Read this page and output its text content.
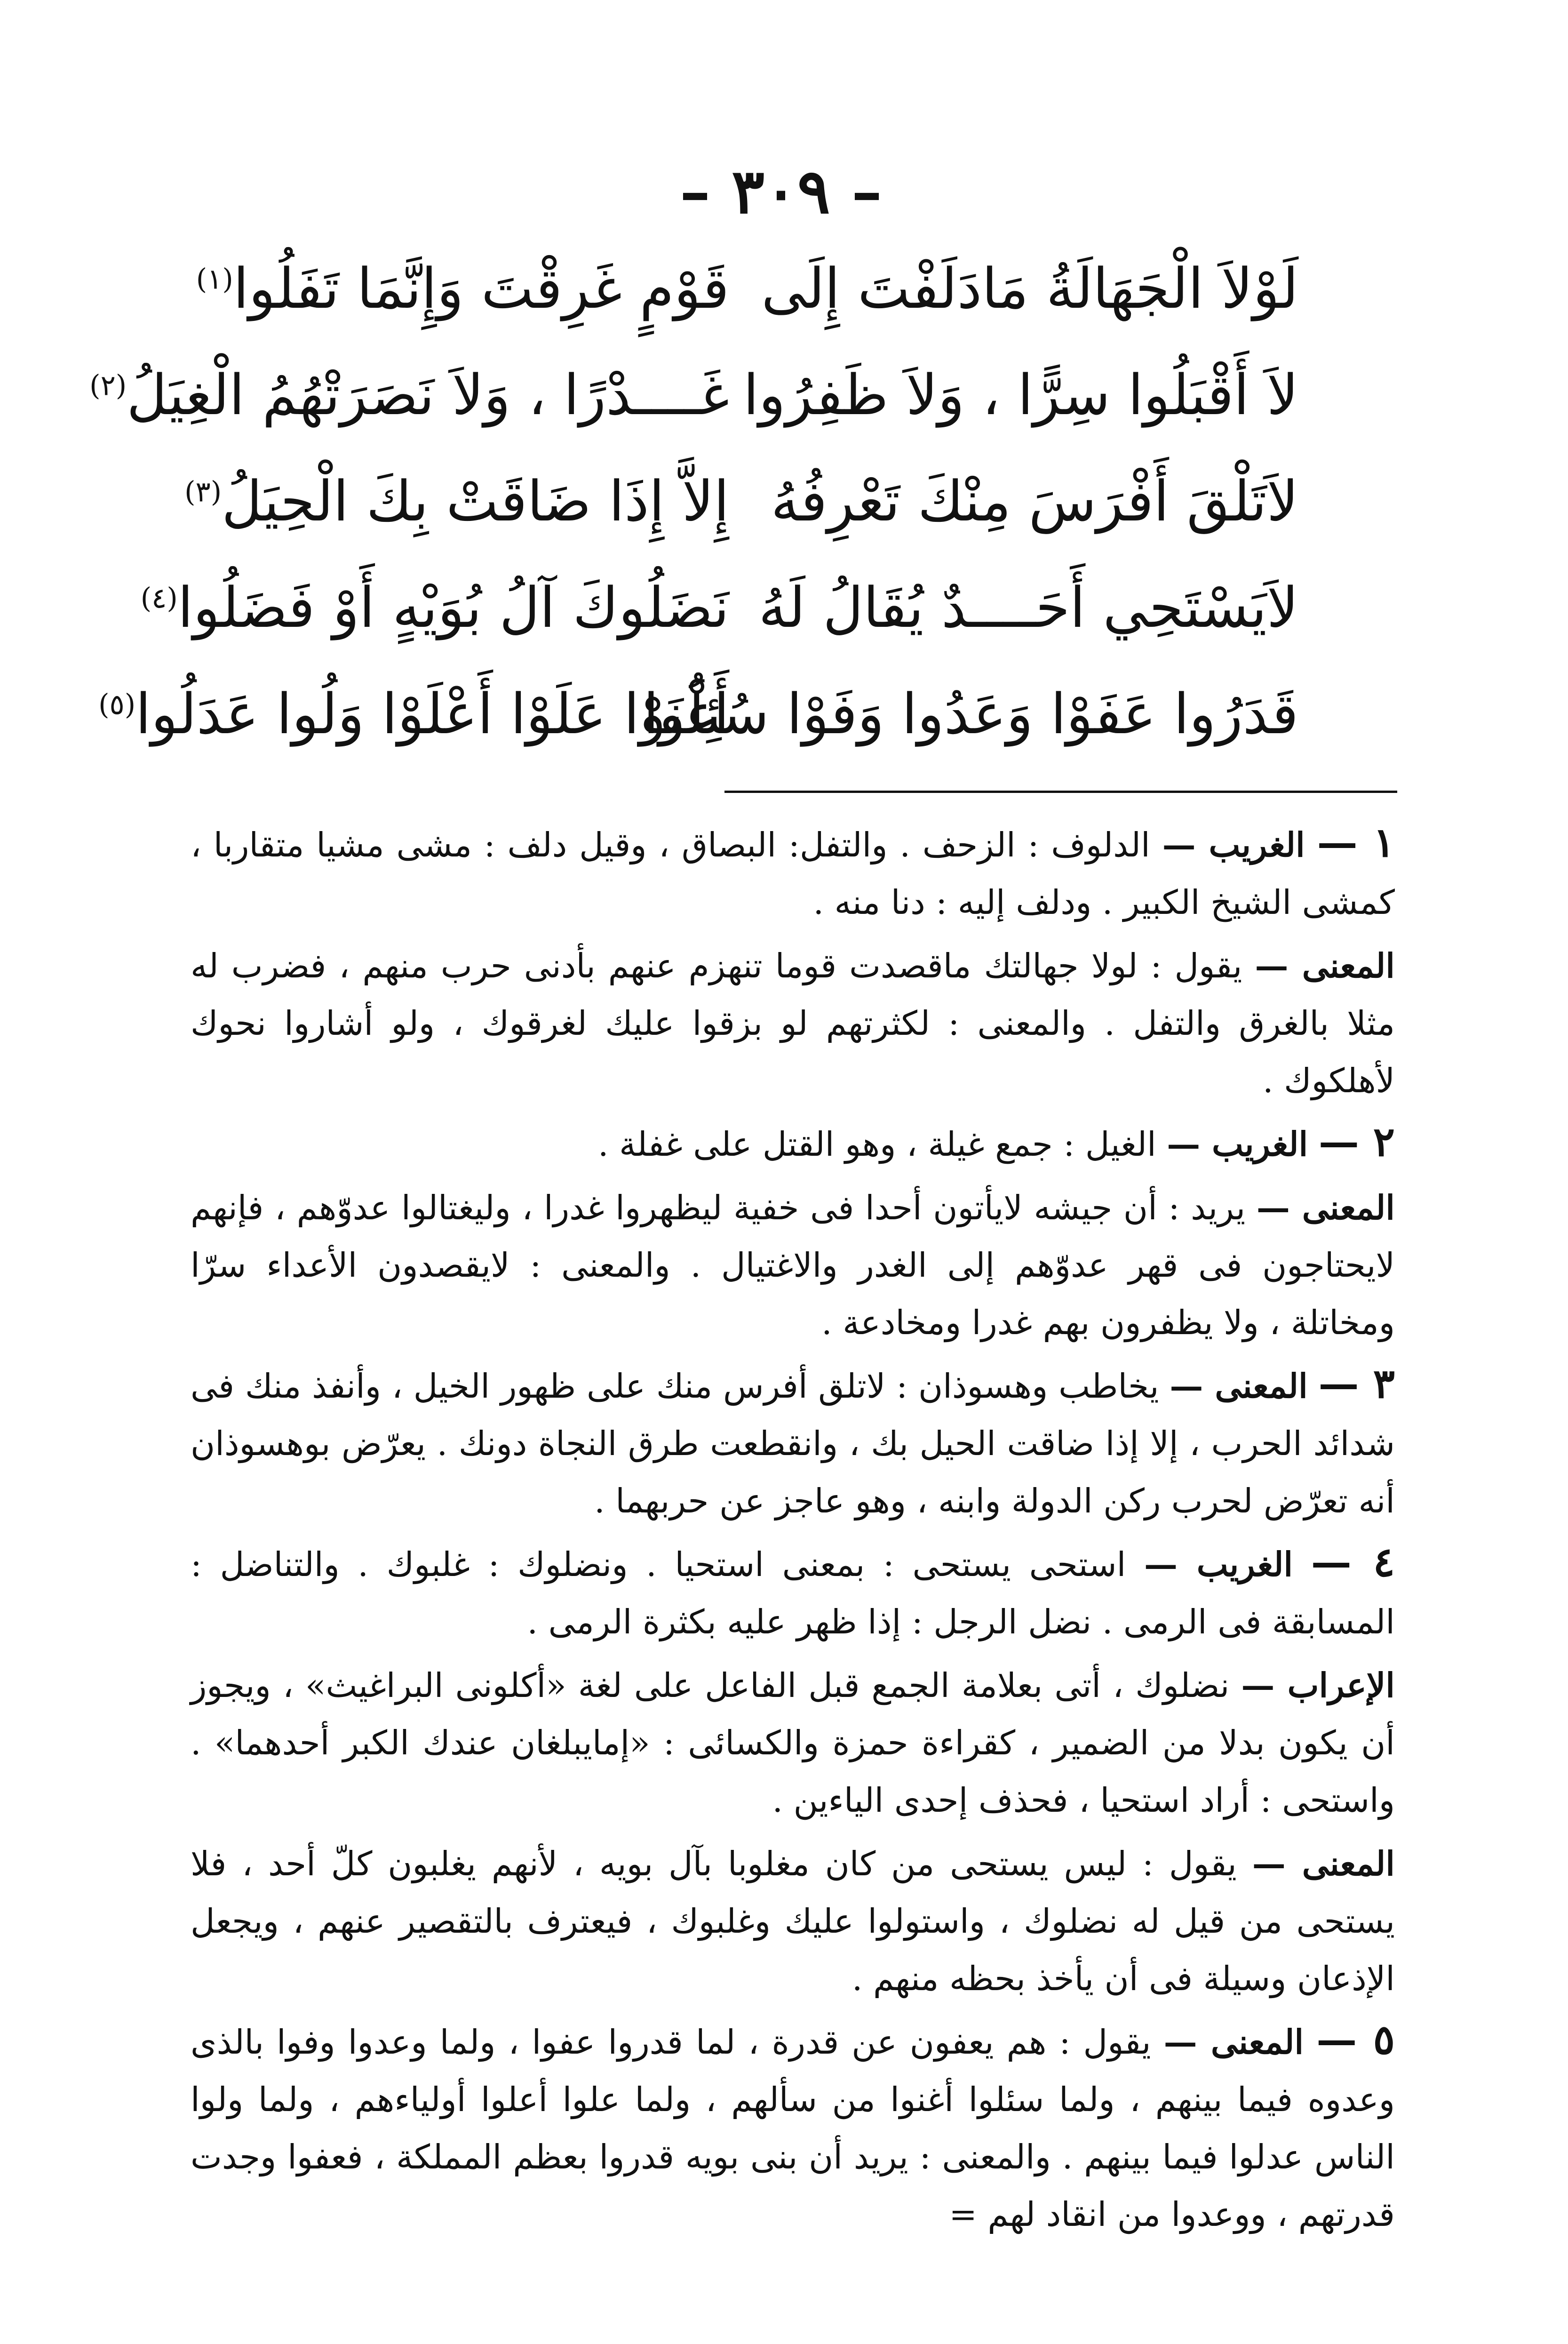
– ٣٠٩ –
لَوْلاَ الْجَهَالَةُ مَادَلَفْتَ إِلَى
قَوْمٍ غَرِقْتَ وَإِنَّمَا تَفَلُوا$^{(١)}$
لاَ أَقْبَلُوا سِرًّا ، وَلاَ ظَفِرُوا
غَــــدْرًا ، وَلاَ نَصَرَتْهُمُ الْغِيَلُ$^{(٢)}$
لاَتَلْقَ أَفْرَسَ مِنْكَ تَعْرِفُهُ
إِلاَّ إِذَا ضَاقَتْ بِكَ الْحِيَلُ$^{(٣)}$
لاَيَسْتَحِي أَحَــــدٌ يُقَالُ لَهُ
نَضَلُوكَ آلُ بُوَيْهٍ أَوْ فَضَلُوا$^{(٤)}$
قَدَرُوا عَفَوْا وَعَدُوا وَفَوْا سُئِلُوا
أَغْنَوْا عَلَوْا أَعْلَوْا وَلُوا عَدَلُوا$^{(٥)}$

١ — الغريب — الدلوف : الزحف . والتفل: البصاق ، وقيل دلف : مشى مشيا متقاربا ، كمشى الشيخ الكبير . ودلف إليه : دنا منه .

المعنى — يقول : لولا جهالتك ماقصدت قوما تنهزم عنهم بأدنى حرب منهم ، فضرب له مثلا بالغرق والتفل . والمعنى : لكثرتهم لو بزقوا عليك لغرقوك ، ولو أشاروا نحوك لأهلكوك .

٢ — الغريب — الغيل : جمع غيلة ، وهو القتل على غفلة .

المعنى — يريد : أن جيشه لايأتون أحدا فى خفية ليظهروا غدرا ، وليغتالوا عدوّهم ، فإنهم لايحتاجون فى قهر عدوّهم إلى الغدر والاغتيال . والمعنى : لايقصدون الأعداء سرّا ومخاتلة ، ولا يظفرون بهم غدرا ومخادعة .

٣ — المعنى — يخاطب وهسوذان : لاتلق أفرس منك على ظهور الخيل ، وأنفذ منك فى شدائد الحرب ، إلا إذا ضاقت الحيل بك ، وانقطعت طرق النجاة دونك . يعرّض بوهسوذان أنه تعرّض لحرب ركن الدولة وابنه ، وهو عاجز عن حربهما .

٤ — الغريب — استحى يستحى : بمعنى استحيا . ونضلوك : غلبوك . والتناضل : المسابقة فى الرمى . نضل الرجل : إذا ظهر عليه بكثرة الرمى .

الإعراب — نضلوك ، أتى بعلامة الجمع قبل الفاعل على لغة «أكلونى البراغيث» ، ويجوز أن يكون بدلا من الضمير ، كقراءة حمزة والكسائى : «إمايبلغان عندك الكبر أحدهما» . واستحى : أراد استحيا ، فحذف إحدى الياءين .

المعنى — يقول : ليس يستحى من كان مغلوبا بآل بويه ، لأنهم يغلبون كلّ أحد ، فلا يستحى من قيل له نضلوك ، واستولوا عليك وغلبوك ، فيعترف بالتقصير عنهم ، ويجعل الإذعان وسيلة فى أن يأخذ بحظه منهم .

٥ — المعنى — يقول : هم يعفون عن قدرة ، لما قدروا عفوا ، ولما وعدوا وفوا بالذى وعدوه فيما بينهم ، ولما سئلوا أغنوا من سألهم ، ولما علوا أعلوا أولياءهم ، ولما ولوا الناس عدلوا فيما بينهم . والمعنى : يريد أن بنى بويه قدروا بعظم المملكة ، فعفوا وجدت قدرتهم ، ووعدوا من انقاد لهم =
